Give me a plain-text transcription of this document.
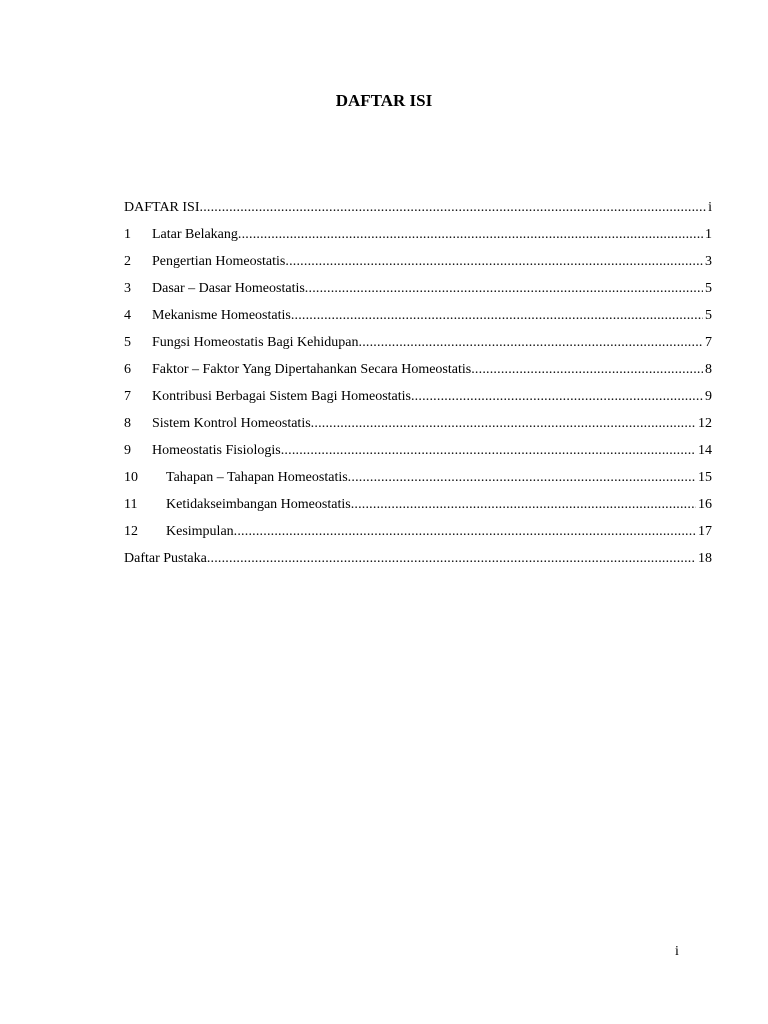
DAFTAR ISI
DAFTAR ISI .....	i
1	Latar Belakang .....	1
2	Pengertian Homeostatis .....	3
3	Dasar – Dasar Homeostatis .....	5
4	Mekanisme Homeostatis .....	5
5	Fungsi Homeostatis Bagi Kehidupan .....	7
6	Faktor – Faktor Yang Dipertahankan Secara Homeostatis .....	8
7	Kontribusi Berbagai Sistem Bagi Homeostatis .....	9
8	Sistem Kontrol Homeostatis .....	12
9	Homeostatis Fisiologis .....	14
10	Tahapan – Tahapan Homeostatis .....	15
11	Ketidakseimbangan Homeostatis .....	16
12	Kesimpulan .....	17
Daftar Pustaka .....	18
i
